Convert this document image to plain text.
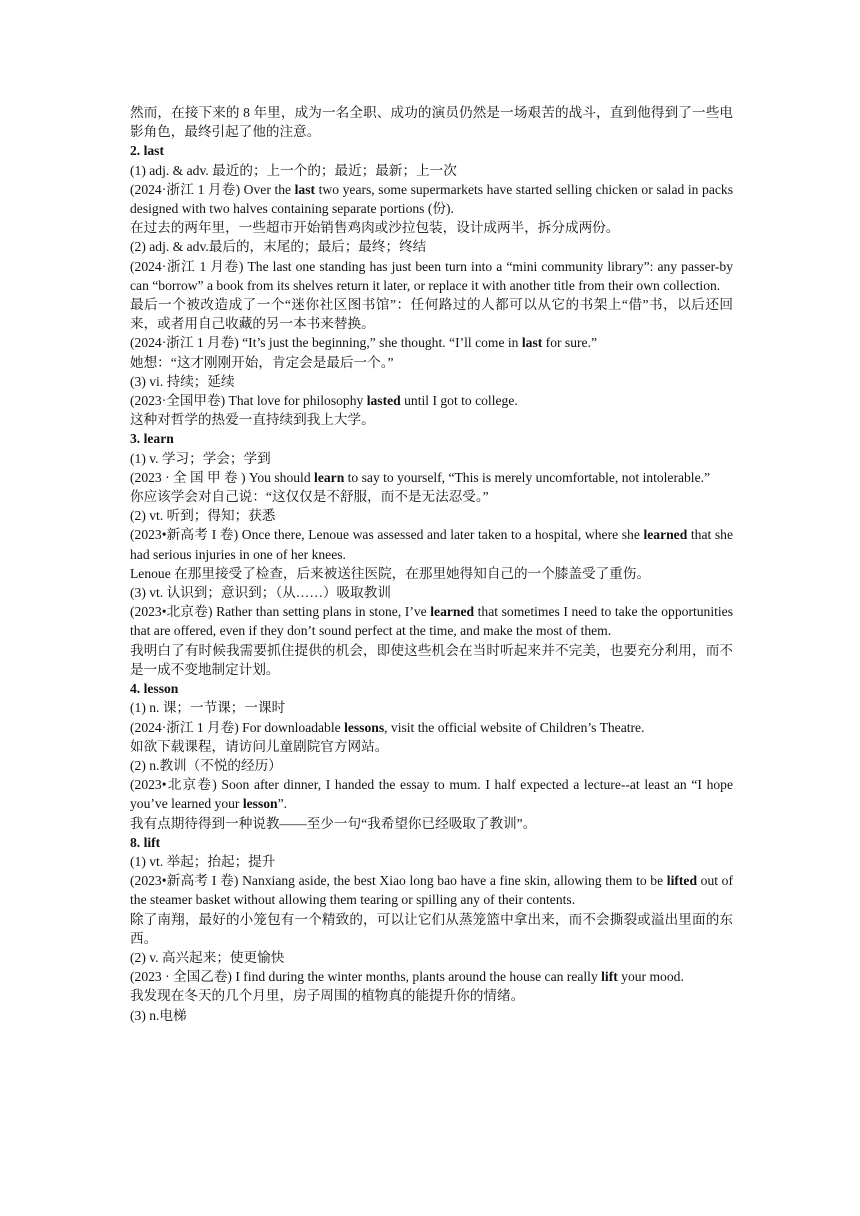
然而，在接下来的 8 年里，成为一名全职、成功的演员仍然是一场艰苦的战斗，直到他得到了一些电影角色，最终引起了他的注意。

2. last

(1) adj. & adv. 最近的；上一个的；最近；最新；上一次

(2024·浙江 1 月卷) Over the last two years, some supermarkets have started selling chicken or salad in packs designed with two halves containing separate portions (份).

在过去的两年里，一些超市开始销售鸡肉或沙拉包装，设计成两半，拆分成两份。

(2) adj. & adv.最后的，末尾的；最后；最终；终结

(2024·浙江 1 月卷) The last one standing has just been turn into a “mini community library”: any passer-by can “borrow” a book from its shelves return it later, or replace it with another title from their own collection.

最后一个被改造成了一个“迷你社区图书馆”：任何路过的人都可以从它的书架上“借”书，以后还回来，或者用自己收藏的另一本书来替换。

(2024·浙江 1 月卷) “It’s just the beginning,” she thought. “I’ll come in last for sure.”

她想：“这才刚刚开始，肯定会是最后一个。”

(3) vi. 持续；延续

(2023·全国甲卷) That love for philosophy lasted until I got to college.

这种对哲学的热爱一直持续到我上大学。

3. learn

(1) v. 学习；学会；学到

(2023 · 全 国 甲 卷 ) You should learn to say to yourself, “This is merely uncomfortable, not intolerable.”

你应该学会对自己说：“这仅仅是不舒服，而不是无法忍受。”

(2) vt. 听到；得知；获悉

(2023•新高考 I 卷) Once there, Lenoue was assessed and later taken to a hospital, where she learned that she had serious injuries in one of her knees.

Lenoue 在那里接受了检查，后来被送往医院，在那里她得知自己的一个膝盖受了重伤。

(3) vt. 认识到；意识到；（从……）吸取教训

(2023•北京卷) Rather than setting plans in stone, I’ve learned that sometimes I need to take the opportunities that are offered, even if they don’t sound perfect at the time, and make the most of them.

我明白了有时候我需要抓住提供的机会，即使这些机会在当时听起来并不完美，也要充分利用，而不是一成不变地制定计划。

4. lesson

(1) n. 课；一节课；一课时

(2024·浙江 1 月卷) For downloadable lessons, visit the official website of Children’s Theatre.

如欲下载课程，请访问儿童剧院官方网站。

(2) n.教训（不悦的经历）

(2023•北京卷) Soon after dinner, I handed the essay to mum. I half expected a lecture--at least an “I hope you’ve learned your lesson”.

我有点期待得到一种说教——至少一句“我希望你已经吸取了教训”。

8. lift

(1) vt. 举起；抬起；提升

(2023•新高考 I 卷) Nanxiang aside, the best Xiao long bao have a fine skin, allowing them to be lifted out of the steamer basket without allowing them tearing or spilling any of their contents.

除了南翔，最好的小笼包有一个精致的，可以让它们从蒸笼篮中拿出来，而不会撕裂或溢出里面的东西。

(2) v. 高兴起来；使更愉快

(2023 · 全国乙卷) I find during the winter months, plants around the house can really lift your mood.

我发现在冬天的几个月里，房子周围的植物真的能提升你的情绪。

(3) n.电梯
